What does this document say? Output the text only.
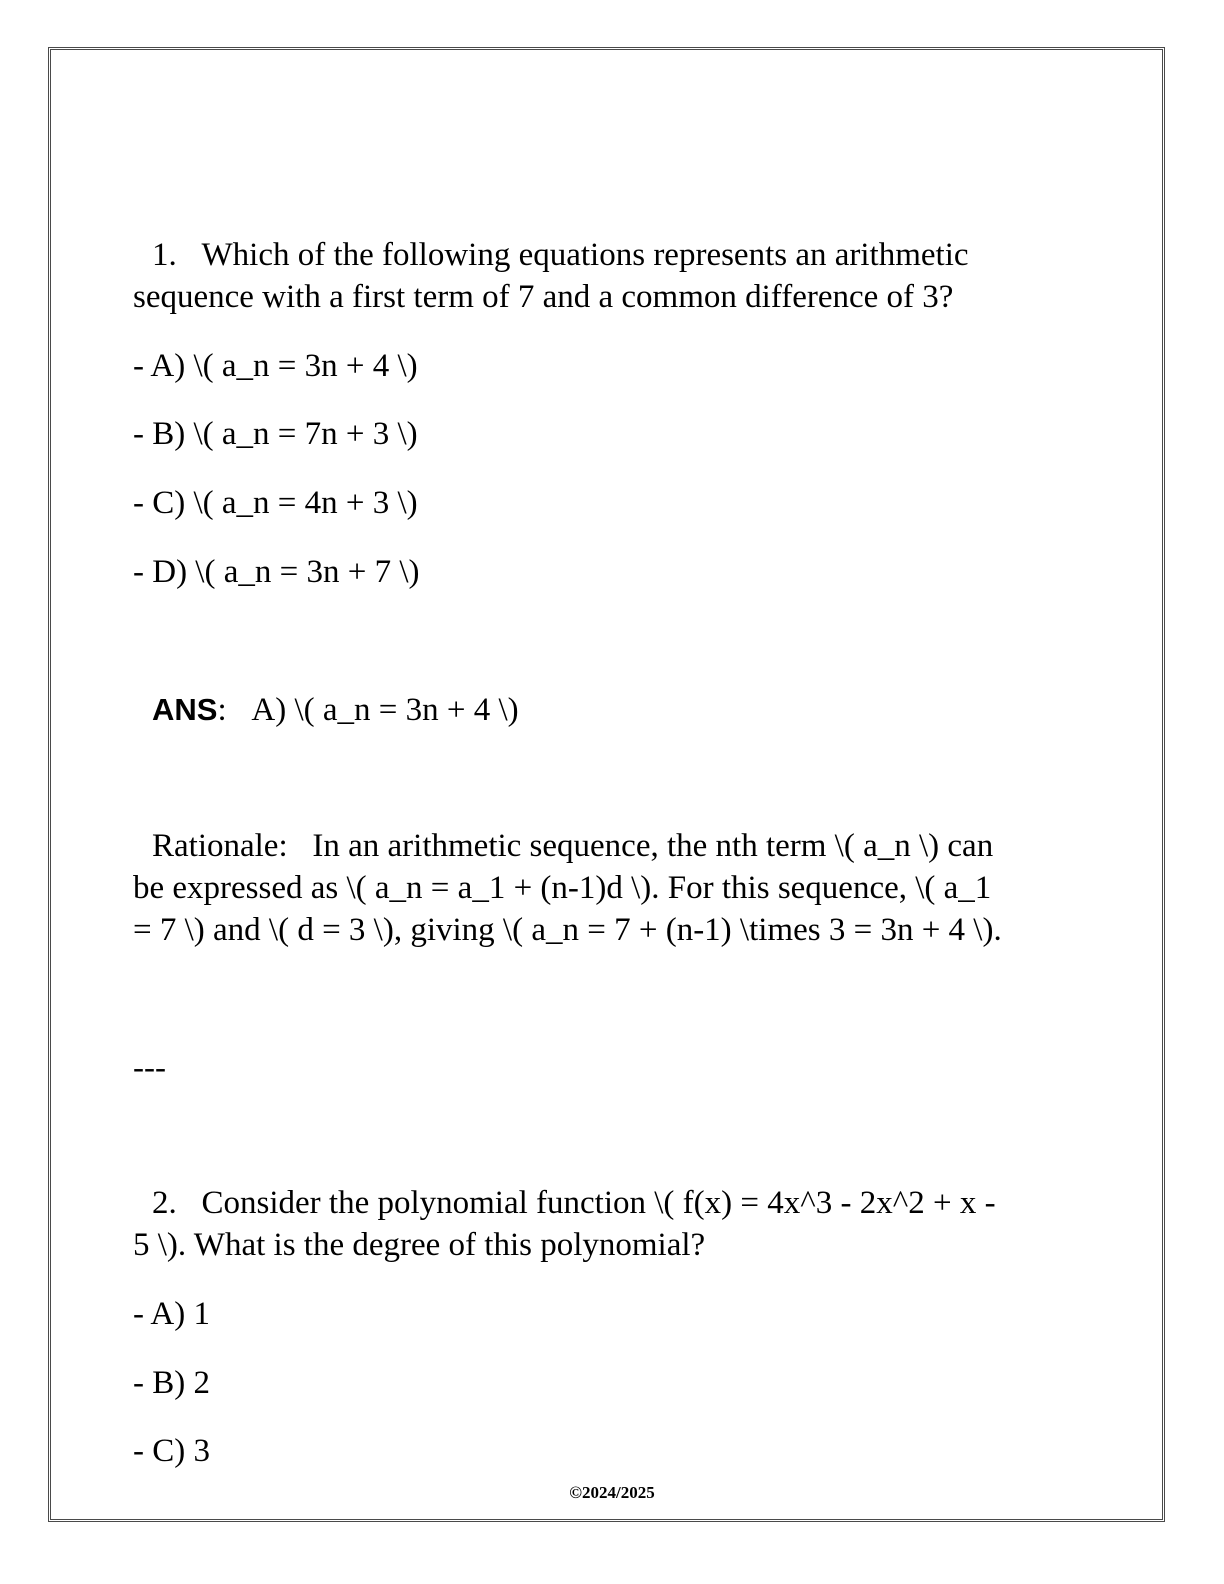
1. Which of the following equations represents an arithmetic
sequence with a first term of 7 and a common difference of 3?
- A) \( a_n = 3n + 4 \)
- B) \( a_n = 7n + 3 \)
- C) \( a_n = 4n + 3 \)
- D) \( a_n = 3n + 7 \)
ANS:   A) \( a_n = 3n + 4 \)
Rationale: In an arithmetic sequence, the nth term \( a_n \) can
be expressed as \( a_n = a_1 + (n-1)d \). For this sequence, \( a_1
= 7 \) and \( d = 3 \), giving \( a_n = 7 + (n-1) \times 3 = 3n + 4 \).
---
2. Consider the polynomial function \( f(x) = 4x^3 - 2x^2 + x -
5 \). What is the degree of this polynomial?
- A) 1
- B) 2
- C) 3
©2024/2025
